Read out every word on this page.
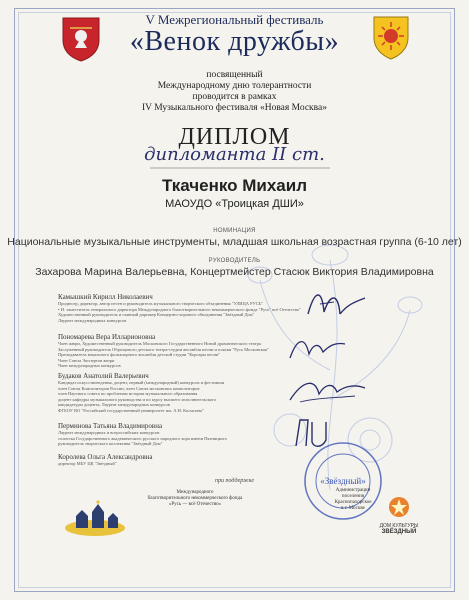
V Межрегиональный фестиваль
«Венок дружбы»
посвященный
Международному дню толерантности
проводится в рамках
IV Музыкального фестиваля «Новая Москва»
ДИПЛОМ
дипломанта II ст.
Ткаченко Михаил
МАОУДО «Троицкая ДШИ»
НОМИНАЦИЯ
Национальные музыкальные инструменты, младшая школьная возрастная группа (6-10 лет)
РУКОВОДИТЕЛЬ
Захарова Марина Валерьевна, Концертмейстер Стасюк Виктория Владимировна
Камышкий Кирилл Николаевич
Продюсер, директор, автор песен и руководитель музыкального творческого объединения "УЛИЦА РУСЬ"
• И. заместитель генерального директора Международного благотворительного некоммерческого фонда "Русь" всё Отечество"
Художественный руководитель и главный дирижер Концертно-хорового объединения "Звёздный Дом"
Лауреат международных конкурсов
Пономарева Вера Илларионовна
Член жюри, Художественный руководитель Московского Государственного Новой драматического театра
Заслуженный руководитель Образцового детского театра-студии ансамбля песни и пляски "Русь Московская"
Преподаватель вокального фольклорного ансамбля детской студии "Корсары песни"
Член Союза Экспертов жюри
Член международных конкурсов
Будаков Анатолий Валерьевич
Кандидат искусствоведения, доцент, первый (международный) конкурсов и фестиваля
член Союза Композиторов России, член Союза московских композиторов
член Научного совета по проблемам истории музыкального образования
доцент кафедры музыкального руководства и по курсу высшего исполнительского
кандидатуры доцента, Лауреат международных конкурсов
ФГБОУ ВО "Российский государственный университет им. А.Н. Косыгина"
Перминова Татьяна Владимировна
Лауреат международных и всероссийских конкурсов
солистка Государственного академического русского народного хора имени Пятницкого
руководитель творческого коллектива "Звёздный Дом"
Королева Ольга Александровна
директор МБУ ЦК "Звёздный"
«Звёздный»
при поддержке
Международного
благотворительного некоммерческого фонда
«Русь — всё Отечество»
Администрации
поселения
Краснопахорское
в г. Москве
ДОМ КУЛЬТУРЫ
ЗВЁЗДНЫЙ
